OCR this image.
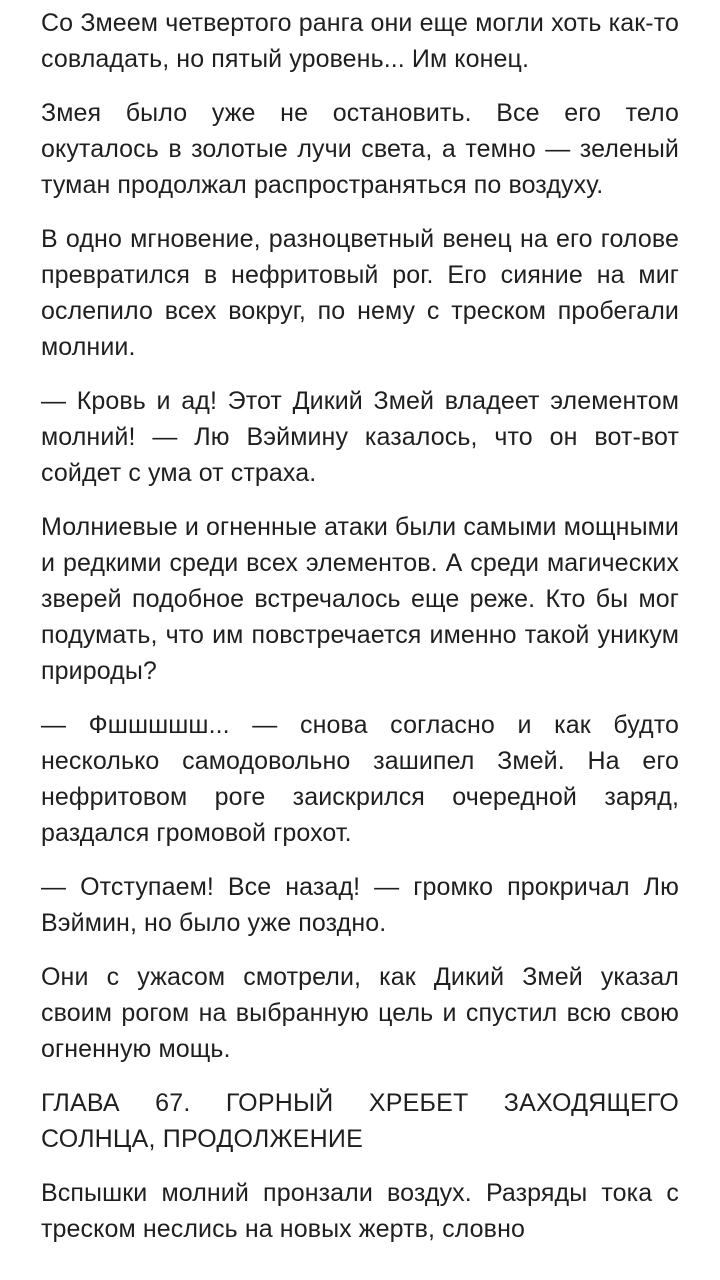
Со Змеем четвертого ранга они еще могли хоть как-то совладать, но пятый уровень... Им конец.

Змея было уже не остановить. Все его тело окуталось в золотые лучи света, а темно — зеленый туман продолжал распространяться по воздуху.

В одно мгновение, разноцветный венец на его голове превратился в нефритовый рог. Его сияние на миг ослепило всех вокруг, по нему с треском пробегали молнии.

— Кровь и ад! Этот Дикий Змей владеет элементом молний! — Лю Вэймину казалось, что он вот-вот сойдет с ума от страха.

Молниевые и огненные атаки были самыми мощными и редкими среди всех элементов. А среди магических зверей подобное встречалось еще реже. Кто бы мог подумать, что им повстречается именно такой уникум природы?

— Фшшшшш... — снова согласно и как будто несколько самодовольно зашипел Змей. На его нефритовом роге заискрился очередной заряд, раздался громовой грохот.

— Отступаем! Все назад! — громко прокричал Лю Вэймин, но было уже поздно.

Они с ужасом смотрели, как Дикий Змей указал своим рогом на выбранную цель и спустил всю свою огненную мощь.

ГЛАВА 67. ГОРНЫЙ ХРЕБЕТ ЗАХОДЯЩЕГО СОЛНЦА, ПРОДОЛЖЕНИЕ

Вспышки молний пронзали воздух. Разряды тока с треском неслись на новых жертв, словно
